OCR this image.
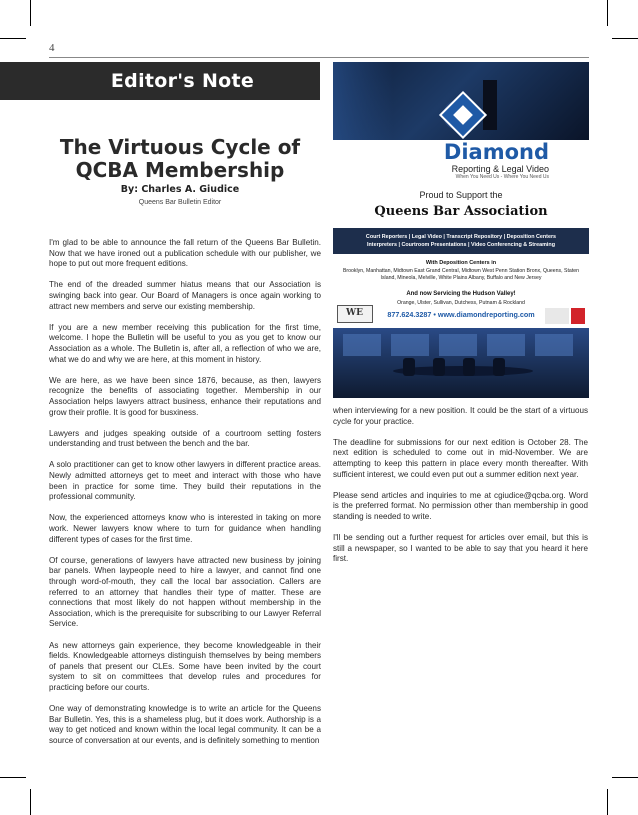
4
Editor's Note
The Virtuous Cycle of
QCBA Membership
By: Charles A. Giudice
Queens Bar Bulletin Editor

I'm glad to be able to announce the fall return of the Queens Bar Bulletin. Now that we have ironed out a publication schedule with our publisher, we hope to put out more frequent editions.

The end of the dreaded summer hiatus means that our Association is swinging back into gear. Our Board of Managers is once again working to attract new members and serve our existing membership.

If you are a new member receiving this publication for the first time, welcome. I hope the Bulletin will be useful to you as you get to know our Association as a whole. The Bulletin is, after all, a reflection of who we are, what we do and why we are here, at this moment in history.

We are here, as we have been since 1876, because, as then, lawyers recognize the benefits of associating together. Membership in our Association helps lawyers attract business, enhance their reputations and grow their profile. It is good for busxiness.

Lawyers and judges speaking outside of a courtroom setting fosters understanding and trust between the bench and the bar.

A solo practitioner can get to know other lawyers in different practice areas. Newly admitted attorneys get to meet and interact with those who have been in practice for some time. They build their reputations in the professional community.

Now, the experienced attorneys know who is interested in taking on more work. Newer lawyers know where to turn for guidance when handling different types of cases for the first time.

Of course, generations of lawyers have attracted new business by joining bar panels. When laypeople need to hire a lawyer, and cannot find one through word-of-mouth, they call the local bar association. Callers are referred to an attorney that handles their type of matter. These are connections that most likely do not happen without membership in the Association, which is the prerequisite for subscribing to our Lawyer Referral Service.

As new attorneys gain experience, they become knowledgeable in their fields. Knowledgeable attorneys distinguish themselves by being members of panels that present our CLEs. Some have been invited by the court system to sit on committees that develop rules and procedures for practicing before our courts.

One way of demonstrating knowledge is to write an article for the Queens Bar Bulletin. Yes, this is a shameless plug, but it does work. Authorship is a way to get noticed and known within the local legal community. It can be a source of conversation at our events, and is definitely something to mention

when interviewing for a new position. It could be the start of a virtuous cycle for your practice.

The deadline for submissions for our next edition is October 28. The next edition is scheduled to come out in mid-November. We are attempting to keep this pattern in place every month thereafter. With sufficient interest, we could even put out a summer edition next year.

Please send articles and inquiries to me at cgiudice@qcba.org. Word is the preferred format. No permission other than membership in good standing is needed to write.

I'll be sending out a further request for articles over email, but this is still a newspaper, so I wanted to be able to say that you heard it here first.

Diamond
Reporting & Legal Video
When You Need Us - Where You Need Us
Proud to Support the
Queens Bar Association
Court Reporters | Legal Video | Transcript Repository | Deposition Centers
Interpreters | Courtroom Presentations | Video Conferencing & Streaming
With Deposition Centers in
Brooklyn, Manhattan, Midtown East Grand Central, Midtown West Penn Station Bronx, Queens, Staten Island, Mineola, Melville, White Plains Albany, Buffalo and New Jersey
And now Servicing the Hudson Valley!
Orange, Ulster, Sullivan, Dutchess, Putnam & Rockland
877.624.3287 • www.diamondreporting.com
WE
